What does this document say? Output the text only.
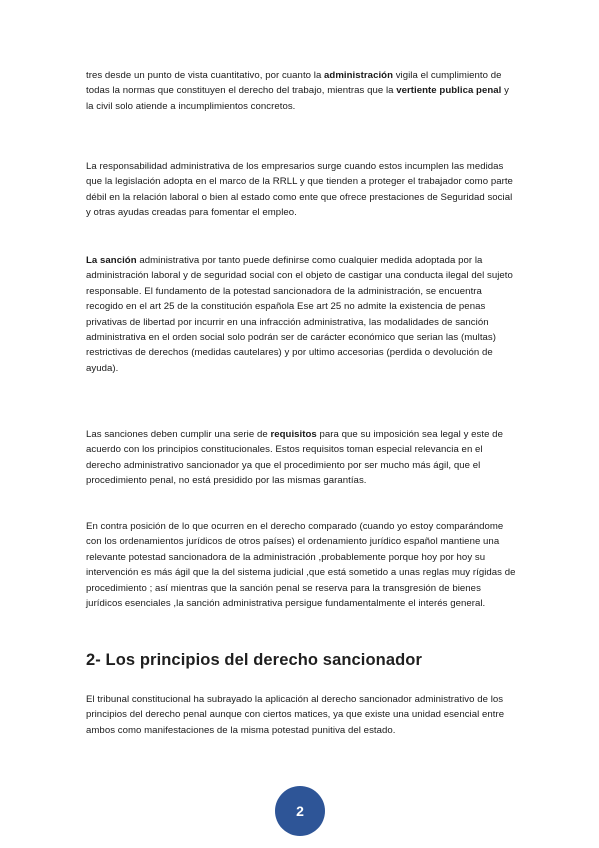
tres desde un punto de vista cuantitativo, por cuanto la administración vigila el cumplimiento de todas la normas que constituyen el derecho del trabajo, mientras que la vertiente publica penal y la civil solo atiende a incumplimientos concretos.

La responsabilidad administrativa de los empresarios surge cuando estos incumplen las medidas que la legislación adopta en el marco de la RRLL y que tienden a proteger el trabajador como parte débil en la relación laboral o bien al estado como ente que ofrece prestaciones de Seguridad social y otras ayudas creadas para fomentar el empleo.

La sanción administrativa por tanto puede definirse como cualquier medida adoptada por la administración laboral y de seguridad social con el objeto de castigar una conducta ilegal del sujeto responsable. El fundamento de la potestad sancionadora de la administración, se encuentra recogido en el art 25 de la constitución española Ese art 25 no admite la existencia de penas privativas de libertad por incurrir en una infracción administrativa, las modalidades de sanción administrativa en el orden social solo podrán ser de carácter económico que serian las (multas) restrictivas de derechos (medidas cautelares) y por ultimo accesorias (perdida o devolución de ayuda).

Las sanciones deben cumplir una serie de requisitos para que su imposición sea legal y este de acuerdo con los principios constitucionales. Estos requisitos toman especial relevancia en el derecho administrativo sancionador ya que el procedimiento por ser mucho más ágil, que el procedimiento penal, no está presidido por las mismas garantías.

En contra posición de lo que ocurren en el derecho comparado (cuando yo estoy comparándome con los ordenamientos jurídicos de otros países) el ordenamiento jurídico español mantiene una relevante potestad sancionadora de la administración ,probablemente porque hoy por hoy su intervención es más ágil que la del sistema judicial ,que está sometido a unas reglas muy rígidas de procedimiento ; así mientras que la sanción penal se reserva para la transgresión de bienes jurídicos esenciales ,la sanción administrativa persigue fundamentalmente el interés general.

2- Los principios del derecho sancionador

El tribunal constitucional ha subrayado la aplicación al derecho sancionador administrativo de los principios del derecho penal aunque con ciertos matices, ya que existe una unidad esencial entre ambos como manifestaciones de la misma potestad punitiva del estado.

2
